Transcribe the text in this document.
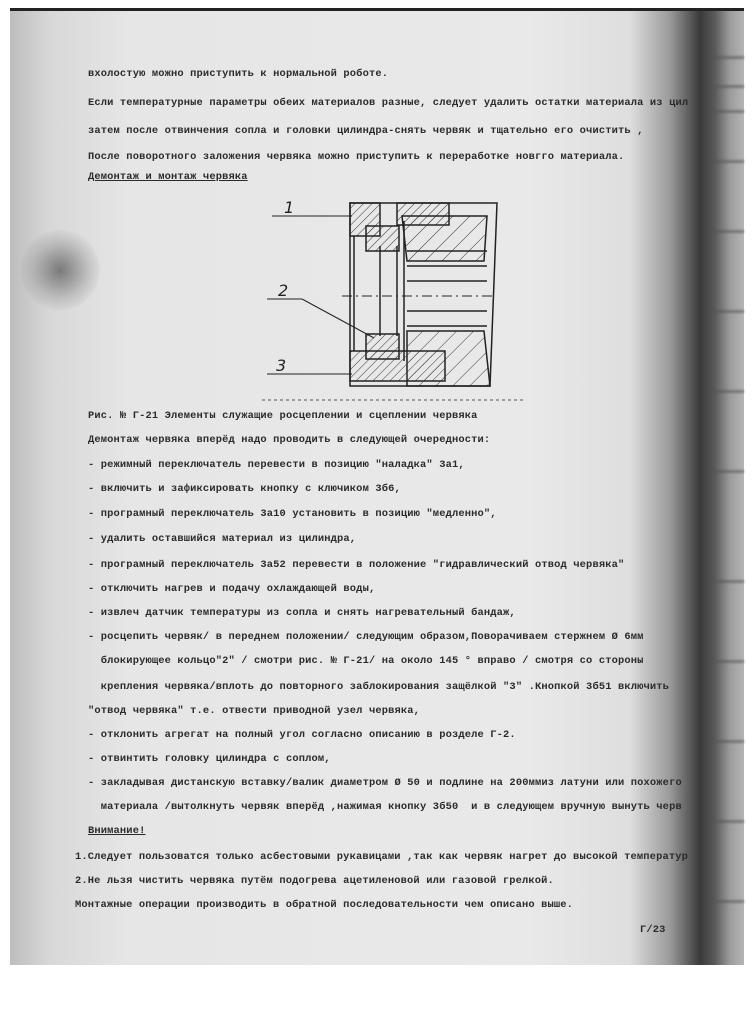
вхолостую можно приступить к нормальной роботе.
Если температурные параметры обеих материалов разные, следует удалить остатки материала из цил
затем после отвинчения сопла и головки цилиндра-снять червяк и тщательно его очистить ,
После поворотного заложения червяка можно приступить к переработке новгго материала.
Демонтаж и монтаж червяка
1
2
3
Рис. № Г-21 Элементы служащие росцеплении и сцеплении червяка
Демонтаж червяка вперёд надо проводить в следующей очередности:
- режимный переключатель перевести в позицию "наладка" 3а1,
- включить и зафиксировать кнопку с ключиком 3б6,
- програмный переключатель 3а10 установить в позицию "медленно",
- удалить оставшийся материал из цилиндра,
- програмный переключатель 3а52 перевести в положение "гидравлический отвод червяка"
- отключить нагрев и подачу охлаждающей воды,
- извлеч датчик температуры из сопла и снять нагревательный бандаж,
- росцепить червяк/ в переднем положении/ следующим образом,Поворачиваем стержнем Ø 6мм
блокирующее кольцо"2" / смотри рис. № Г-21/ на около 145 ° вправо / смотря со стороны
крепления червяка/вплоть до повторного заблокирования защёлкой "3" .Кнопкой 3б51 включить
"отвод червяка" т.е. отвести приводной узел червяка,
- отклонить агрегат на полный угол согласно описанию в розделе Г-2.
- отвинтить головку цилиндра с соплом,
- закладывая дистанскую вставку/валик диаметром Ø 50 и подлине на 200ммиз латуни или похожего
материала /вытолкнуть червяк вперёд ,нажимая кнопку 3б50  и в следующем вручную вынуть черв
Внимание!
1.Следует пользоватся только асбестовыми рукавицами ,так как червяк нагрет до высокой температур
2.Не льзя чистить червяка путём подогрева ацетиленовой или газовой грелкой.
Монтажные операции производить в обратной последовательности чем описано выше.
Г/23
